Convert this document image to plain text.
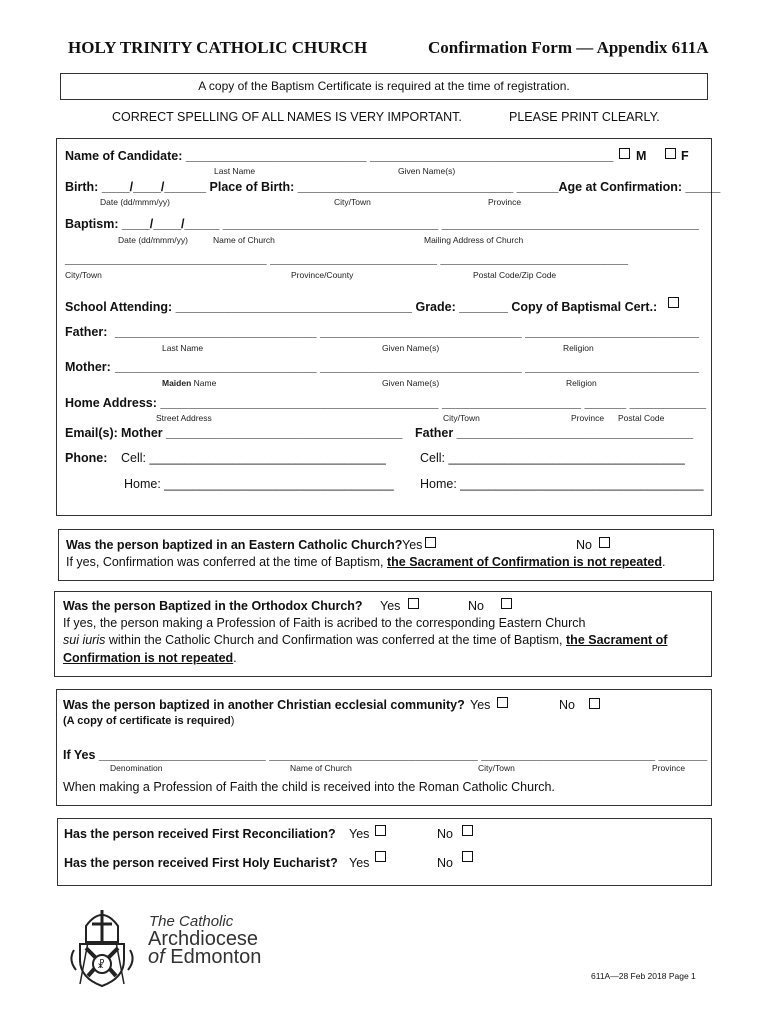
HOLY TRINITY CATHOLIC CHURCH	Confirmation Form — Appendix 611A
A copy of the Baptism Certificate is required at the time of registration.
CORRECT SPELLING OF ALL NAMES IS VERY IMPORTANT.	PLEASE PRINT CLEARLY.
Name of Candidate: __________________________ ___________________________________ M	F
Last Name	Given Name(s)
Birth: ____/____/______ Place of Birth: _______________________________ ______Age at Confirmation: _____
Date (dd/mmm/yy)	City/Town	Province
Baptism: ____/____/_____ _______________________________ _____________________________________
Date (dd/mmm/yy)	Name of Church	Mailing Address of Church
_____________________________ ________________________ ___________________________
City/Town	Province/County	Postal Code/Zip Code
School Attending: __________________________________ Grade: _______ Copy of Baptismal Cert.:
Father: _____________________________ _____________________________ _________________________
Last Name	Given Name(s)	Religion
Mother: _____________________________ _____________________________ _________________________
Maiden Name	Given Name(s)	Religion
Home Address: ________________________________________ ____________________ ______ ___________
Street Address	City/Town	Province Postal Code
Email(s): Mother __________________________________ Father __________________________________
Phone: Cell: __________________________________	Cell: __________________________________
Home: _________________________________ Home: ___________________________________
Was the person baptized in an Eastern Catholic Church? Yes	No
If yes, Confirmation was conferred at the time of Baptism, the Sacrament of Confirmation is not repeated.
Was the person Baptized in the Orthodox Church? Yes	No
If yes, the person making a Profession of Faith is acribed to the corresponding Eastern Church
sui iuris within the Catholic Church and Confirmation was conferred at the time of Baptism, the Sacrament of
Confirmation is not repeated.
Was the person baptized in another Christian ecclesial community? Yes	No
(A copy of certificate is required)
If Yes ________________________ ______________________________ _________________________ _______
Denomination	Name of Church	City/Town	Province
When making a Profession of Faith the child is received into the Roman Catholic Church.
Has the person received First Reconciliation? Yes	No
Has the person received First Holy Eucharist? Yes	No
☧
The Catholic
Archdiocese
of Edmonton
611A—28 Feb 2018 Page 1
